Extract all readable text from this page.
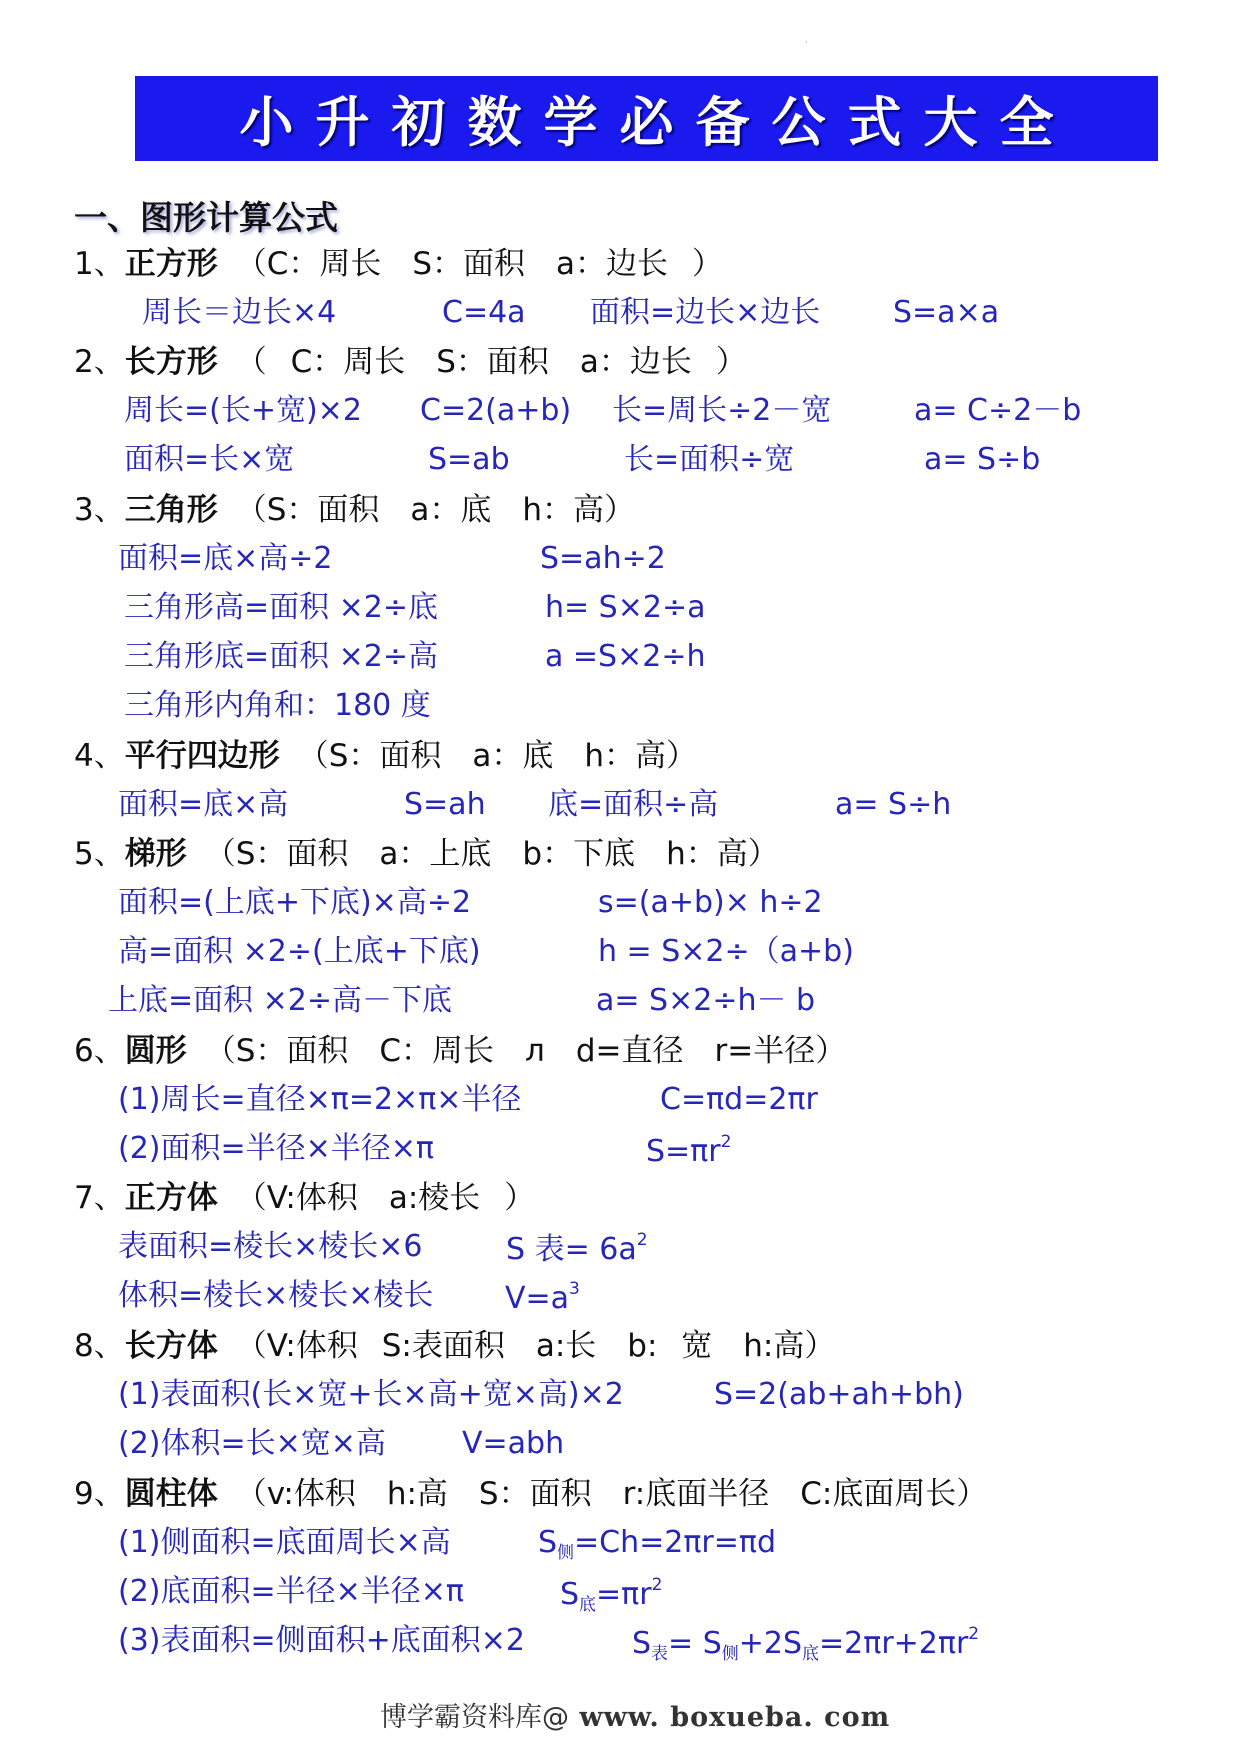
·
小升初数学必备公式大全
一、图形计算公式
1、正方形 （C：周长　S：面积　a：边长 ）
周长＝边长×4	C=4a 面积=边长×边长 S=a×a
2、长方形 （ C：周长　S：面积　a：边长 ）
周长=(长+宽)×2 C=2(a+b) 长=周长÷2－宽	a= C÷2－b
面积=长×宽	S=ab	长=面积÷宽	a= S÷b
3、三角形 （S：面积　a：底　h：高）
面积=底×高÷2	S=ah÷2
三角形高=面积 ×2÷底	h= S×2÷a
三角形底=面积 ×2÷高	a =S×2÷h
三角形内角和：180 度
4、平行四边形 （S：面积　a：底　h：高）
面积=底×高	S=ah 底=面积÷高	a= S÷h
5、梯形 （S：面积　a：上底　b：下底　h：高）
面积=(上底+下底)×高÷2	s=(a+b)× h÷2
高=面积 ×2÷(上底+下底)	h = S×2÷（a+b)
上底=面积 ×2÷高－下底	a= S×2÷h－ b
6、圆形 （S：面积　C：周长　л　d=直径　r=半径）
(1)周长=直径×π=2×π×半径	C=πd=2πr
(2)面积=半径×半径×π	$S=\pi r^2$
7、正方体 （V:体积　a:棱长 ）
表面积=棱长×棱长×6	S 表= $6a^2$
体积=棱长×棱长×棱长 $V=a^3$
8、长方体 （V:体积 S:表面积　a:长　b: 宽　h:高）
(1)表面积(长×宽+长×高+宽×高)×2	S=2(ab+ah+bh)
(2)体积=长×宽×高	V=abh
9、圆柱体 （v:体积　h:高　S：面积　r:底面半径　C:底面周长）
(1)侧面积=底面周长×高	$S_侧=Ch=2\pi r=\pi d$
(2)底面积=半径×半径×π	$S_底=\pi r^2$
(3)表面积=侧面积+底面积×2	$S_表= S_侧+2S_底=2\pi r+2\pi r^2$
博学霸资料库@ www. boxueba. com
